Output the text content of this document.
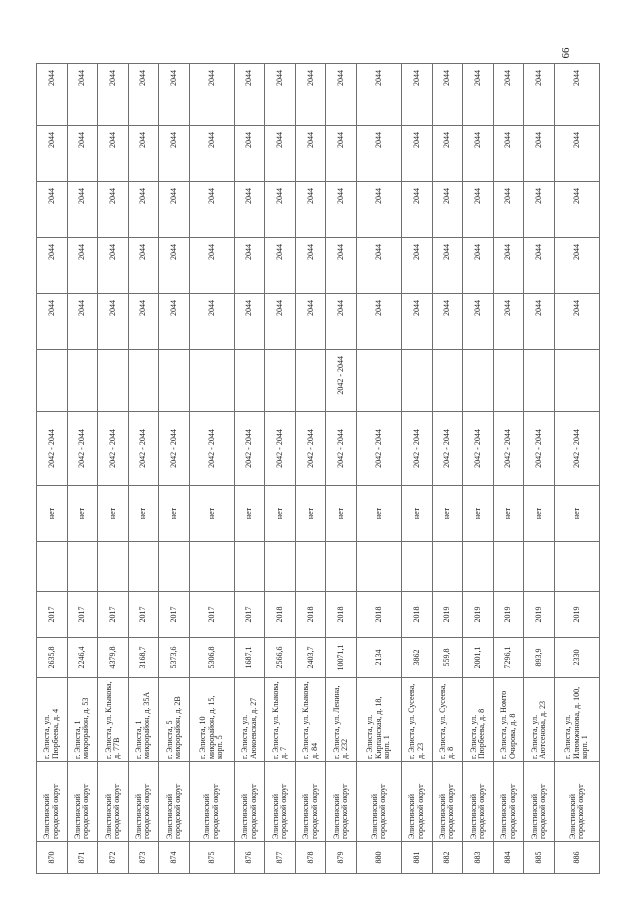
66
870	Элистинский городской округ	г. Элиста, ул. Пюрбеева, д. 4	2635,8	2017		нет	2042 - 2044		2044	2044	2044	2044	2044
871	Элистинский городской округ	г. Элиста, 1 микрорайон, д. 53	2246,4	2017		нет	2042 - 2044		2044	2044	2044	2044	2044
872	Элистинский городской округ	г. Элиста, ул. Клыкова, д. 77В	4379,8	2017		нет	2042 - 2044		2044	2044	2044	2044	2044
873	Элистинский городской округ	г. Элиста, 1 микрорайон, д. 35А	3168,7	2017		нет	2042 - 2044		2044	2044	2044	2044	2044
874	Элистинский городской округ	г. Элиста, 5 микрорайон, д. 2В	5373,6	2017		нет	2042 - 2044		2044	2044	2044	2044	2044
875	Элистинский городской округ	г. Элиста, 10 микрорайон, д. 15, корп. 5	5306,8	2017		нет	2042 - 2044		2044	2044	2044	2044	2044
876	Элистинский городской округ	г. Элиста, ул. Аюкоевская, д. 27	1687,1	2017		нет	2042 - 2044		2044	2044	2044	2044	2044
877	Элистинский городской округ	г. Элиста, ул. Клыкова, д. 7	2566,6	2018		нет	2042 - 2044		2044	2044	2044	2044	2044
878	Элистинский городской округ	г. Элиста, ул. Клыкова, д. 84	2403,7	2018		нет	2042 - 2044		2044	2044	2044	2044	2044
879	Элистинский городской округ	г. Элиста, ул. Ленина, д. 232	10071,1	2018		нет	2042 - 2044	2042 - 2044	2044	2044	2044	2044	2044
880	Элистинский городской округ	г. Элиста, ул. Кирпанская, д. 18, корп. 1	2134	2018		нет	2042 - 2044		2044	2044	2044	2044	2044
881	Элистинский городской округ	г. Элиста, ул. Сусеева, д. 23	3862	2018		нет	2042 - 2044		2044	2044	2044	2044	2044
882	Элистинский городской округ	г. Элиста, ул. Сусеева, д. 8	559,8	2019		нет	2042 - 2044		2044	2044	2044	2044	2044
883	Элистинский городской округ	г. Элиста, ул. Пюрбеева, д. 8	2001,1	2019		нет	2042 - 2044		2044	2044	2044	2044	2044
884	Элистинский городской округ	г. Элиста, ул. Номто Очирова, д. 8	7296,1	2019		нет	2042 - 2044		2044	2044	2044	2044	2044
885	Элистинский городской округ	г. Элиста, ул. Аютсенова, д. 23	893,9	2019		нет	2042 - 2044		2044	2044	2044	2044	2044
886	Элистинский городской округ	г. Элиста, ул. Илюмжинова, д. 100, корп. 1	2330	2019		нет	2042 - 2044		2044	2044	2044	2044	2044
